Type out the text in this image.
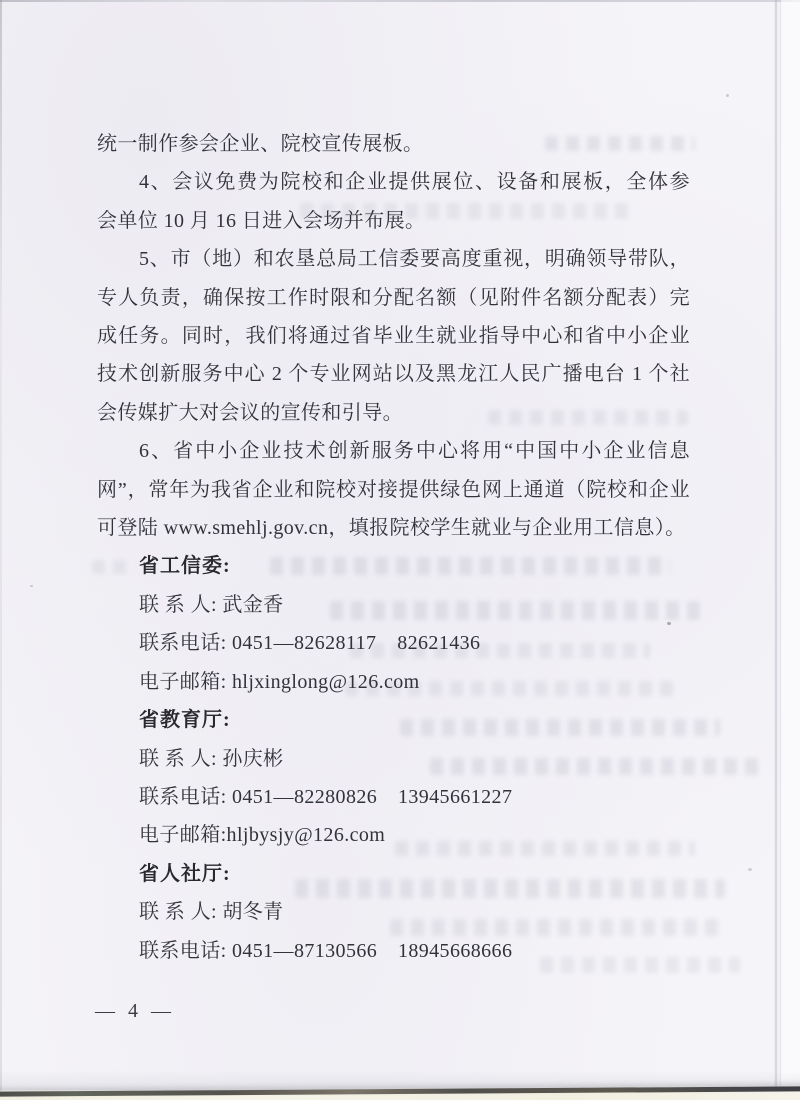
统一制作参会企业、院校宣传展板。
4、会议免费为院校和企业提供展位、设备和展板，全体参
会单位 10 月 16 日进入会场并布展。
5、市（地）和农垦总局工信委要高度重视，明确领导带队，
专人负责，确保按工作时限和分配名额（见附件名额分配表）完
成任务。同时，我们将通过省毕业生就业指导中心和省中小企业
技术创新服务中心 2 个专业网站以及黑龙江人民广播电台 1 个社
会传媒扩大对会议的宣传和引导。
6、省中小企业技术创新服务中心将用“中国中小企业信息
网”，常年为我省企业和院校对接提供绿色网上通道（院校和企业
可登陆 www.smehlj.gov.cn，填报院校学生就业与企业用工信息）。
省工信委:
联 系 人: 武金香
联系电话: 0451—82628117  82621436
电子邮箱: hljxinglong@126.com
省教育厅:
联 系 人: 孙庆彬
联系电话: 0451—82280826  13945661227
电子邮箱:hljbysjy@126.com
省人社厅:
联 系 人: 胡冬青
联系电话: 0451—87130566  18945668666
— 4 —
